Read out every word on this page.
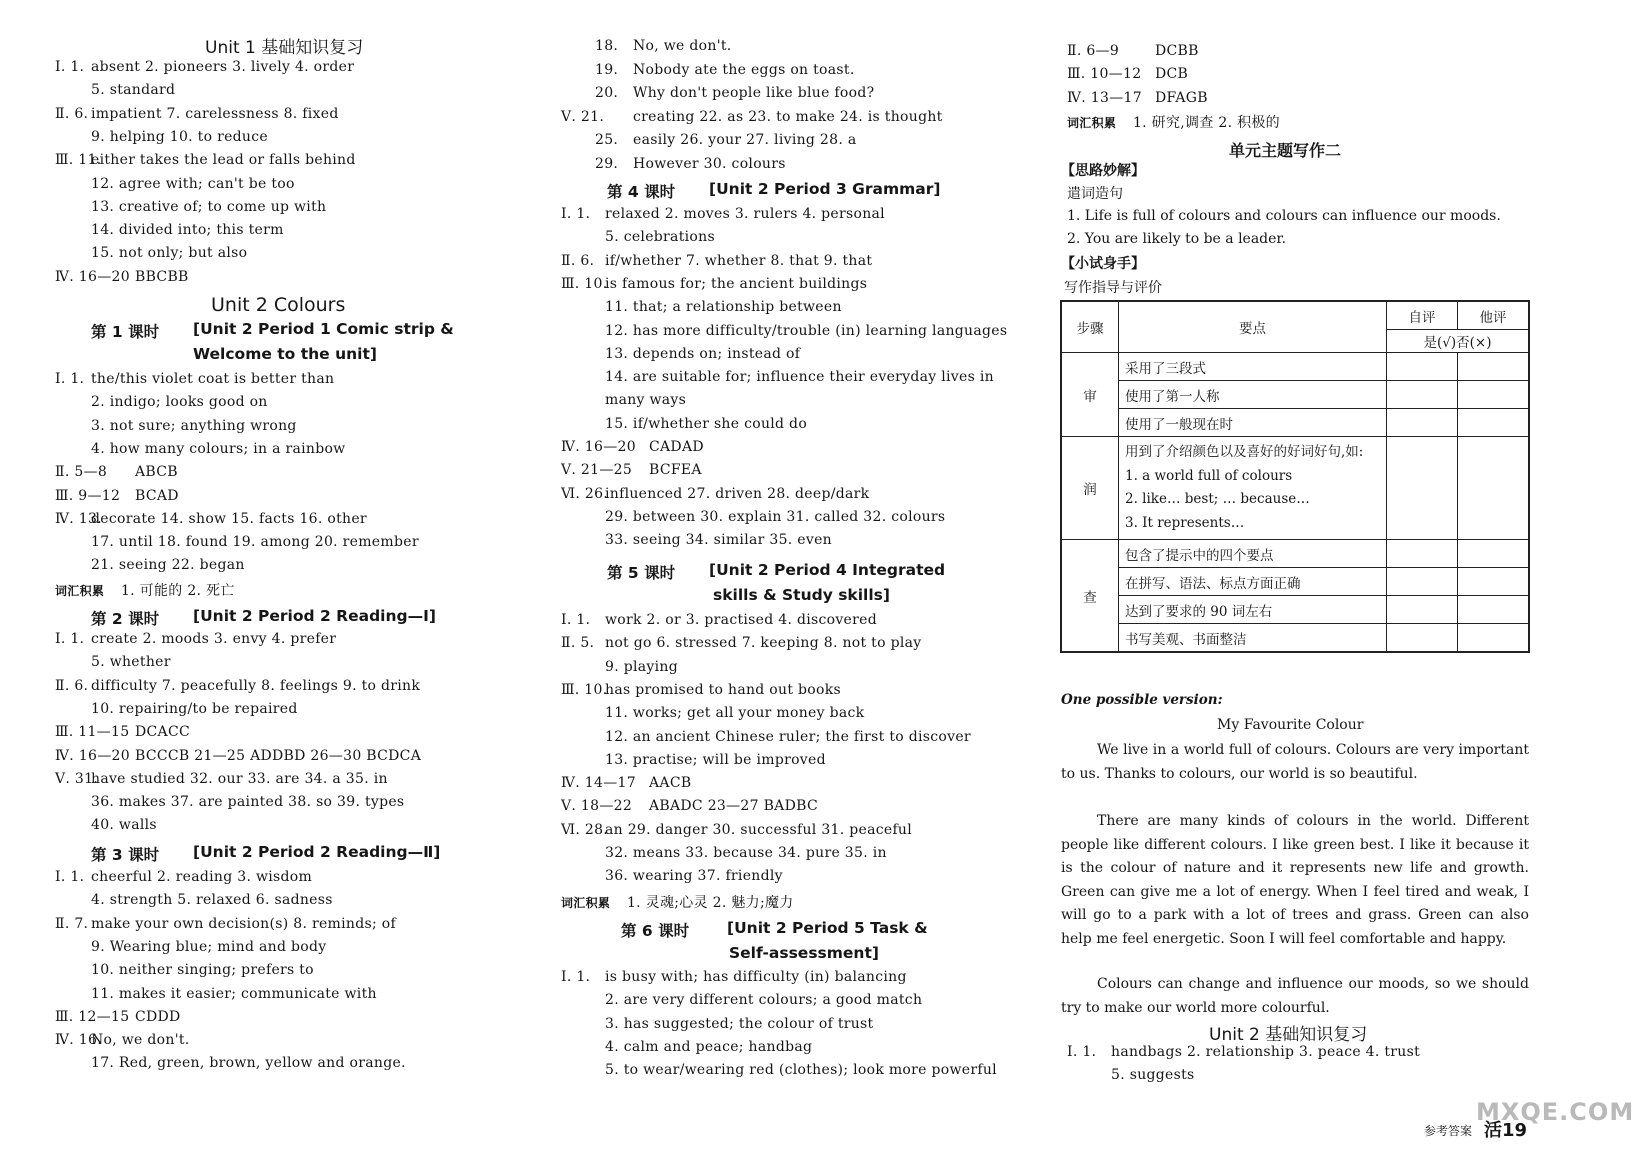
Unit 1 基础知识复习
Ⅰ. 1. absent 2. pioneers 3. lively 4. order
5. standard
Ⅱ. 6. impatient 7. carelessness 8. fixed
9. helping 10. to reduce
Ⅲ. 11.
either takes the lead or falls behind
12. agree with; can't be too
13. creative of; to come up with
14. divided into; this term
15. not only; but also
Ⅳ. 16—20 BBCBB
Unit 2 Colours
第 1 课时 [Unit 2 Period 1 Comic strip &
Welcome to the unit]
Ⅰ. 1. the/this violet coat is better than
2. indigo; looks good on
3. not sure; anything wrong
4. how many colours; in a rainbow
Ⅱ. 5—8 ABCB
Ⅲ. 9—12 BCAD
Ⅳ. 13.
decorate 14. show 15. facts 16. other
17. until 18. found 19. among 20. remember
21. seeing 22. began
词汇积累 1. 可能的 2. 死亡
第 2 课时 [Unit 2 Period 2 Reading—Ⅰ]
Ⅰ. 1. create 2. moods 3. envy 4. prefer
5. whether
Ⅱ. 6. difficulty 7. peacefully 8. feelings 9. to drink
10. repairing/to be repaired
Ⅲ. 11—15 DCACC
Ⅳ. 16—20 BCCCB 21—25 ADDBD 26—30 BCDCA
Ⅴ. 31.
have studied 32. our 33. are 34. a 35. in
36. makes 37. are painted 38. so 39. types
40. walls
第 3 课时 [Unit 2 Period 2 Reading—Ⅱ]
Ⅰ. 1. cheerful 2. reading 3. wisdom
4. strength 5. relaxed 6. sadness
Ⅱ. 7. make your own decision(s) 8. reminds; of
9. Wearing blue; mind and body
10. neither singing; prefers to
11. makes it easier; communicate with
Ⅲ. 12—15 CDDD
Ⅳ. 16.
No, we don't.
17. Red, green, brown, yellow and orange.
18. No, we don't.
19. Nobody ate the eggs on toast.
20. Why don't people like blue food?
Ⅴ. 21. creating 22. as 23. to make 24. is thought
25. easily 26. your 27. living 28. a
29. However 30. colours
第 4 课时 [Unit 2 Period 3 Grammar]
Ⅰ. 1. relaxed 2. moves 3. rulers 4. personal
5. celebrations
Ⅱ. 6. if/whether 7. whether 8. that 9. that
Ⅲ. 10.
is famous for; the ancient buildings
11. that; a relationship between
12. has more difficulty/trouble (in) learning languages
13. depends on; instead of
14. are suitable for; influence their everyday lives in
many ways
15. if/whether she could do
Ⅳ. 16—20 CADAD
Ⅴ. 21—25 BCFEA
Ⅵ. 26.
influenced 27. driven 28. deep/dark
29. between 30. explain 31. called 32. colours
33. seeing 34. similar 35. even
第 5 课时 [Unit 2 Period 4 Integrated
skills & Study skills]
Ⅰ. 1. work 2. or 3. practised 4. discovered
Ⅱ. 5. not go 6. stressed 7. keeping 8. not to play
9. playing
Ⅲ. 10.
has promised to hand out books
11. works; get all your money back
12. an ancient Chinese ruler; the first to discover
13. practise; will be improved
Ⅳ. 14—17 AACB
Ⅴ. 18—22 ABADC 23—27 BADBC
Ⅵ. 28.
an 29. danger 30. successful 31. peaceful
32. means 33. because 34. pure 35. in
36. wearing 37. friendly
词汇积累 1. 灵魂;心灵 2. 魅力;魔力
第 6 课时 [Unit 2 Period 5 Task &
Self-assessment]
Ⅰ. 1. is busy with; has difficulty (in) balancing
2. are very different colours; a good match
3. has suggested; the colour of trust
4. calm and peace; handbag
5. to wear/wearing red (clothes); look more powerful
Ⅱ. 6—9	DCBB
Ⅲ. 10—12 DCB
Ⅳ. 13—17 DFAGB
词汇积累 1. 研究,调查 2. 积极的
单元主题写作二
【思路妙解】
遣词造句
1. Life is full of colours and colours can influence our moods.
2. You are likely to be a leader.
【小试身手】
写作指导与评价
步骤	要点	自评	他评
		是(√)否(×)	
审	采用了三段式		
	使用了第一人称		
	使用了一般现在时		
润	用到了介绍颜色以及喜好的好词好句,如:
1. a world full of colours
2. like… best; … because…
3. It represents…		

查	包含了提示中的四个要点		
	在拼写、语法、标点方面正确		
	达到了要求的 90 词左右		
	书写美观、书面整洁		
One possible version:
My Favourite Colour
We live in a world full of colours. Colours are very important to us. Thanks to colours, our world is so beautiful.
There are many kinds of colours in the world. Different people like different colours. I like green best. I like it because it is the colour of nature and it represents new life and growth. Green can give me a lot of energy. When I feel tired and weak, I will go to a park with a lot of trees and grass. Green can also help me feel energetic. Soon I will feel comfortable and happy.
Colours can change and influence our moods, so we should try to make our world more colourful.
Unit 2 基础知识复习
Ⅰ. 1. handbags 2. relationship 3. peace 4. trust
5. suggests
参考答案 活19
MXQE.COM
